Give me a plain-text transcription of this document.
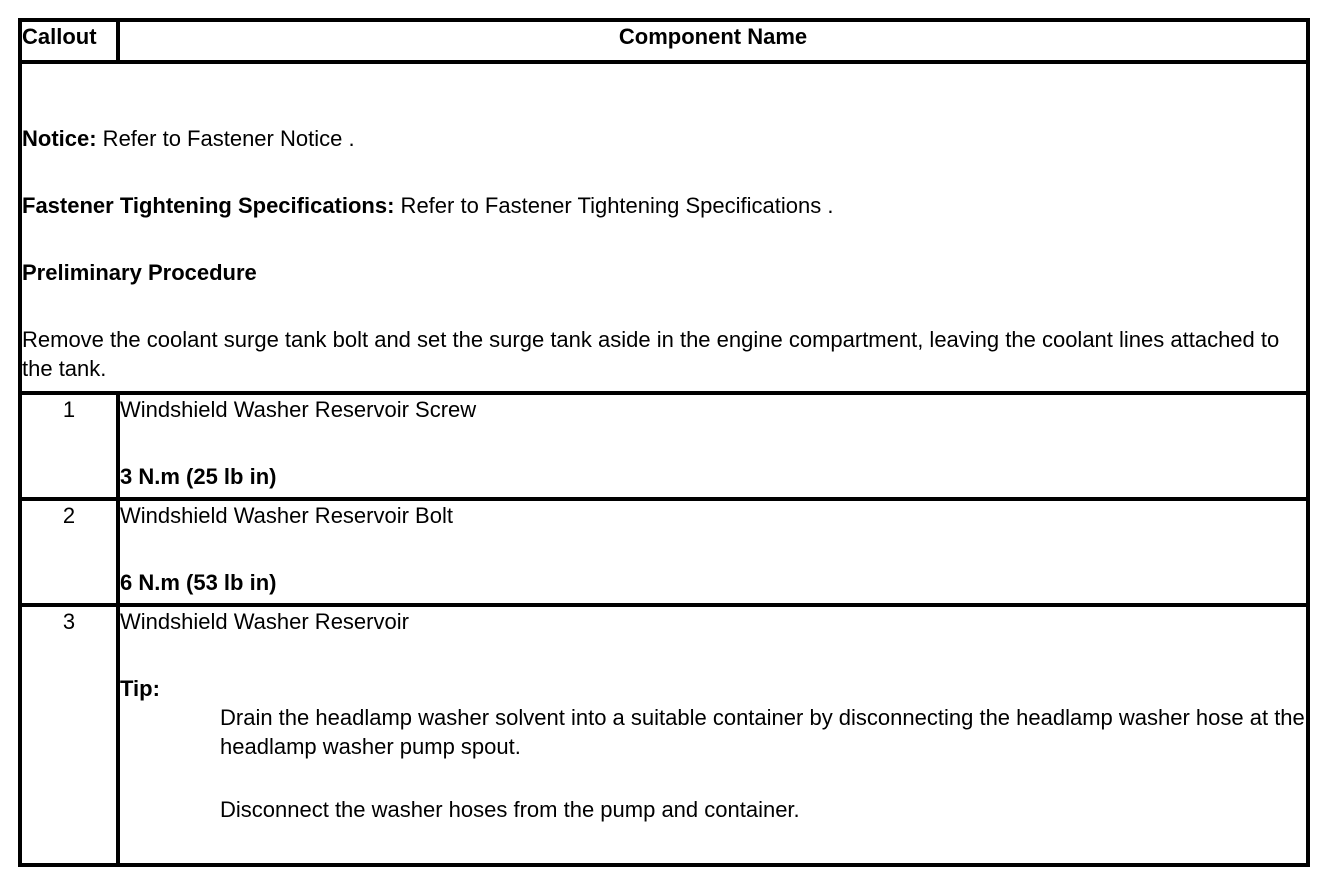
Callout	Component Name

Notice: Refer to Fastener Notice .

Fastener Tightening Specifications: Refer to Fastener Tightening Specifications .

Preliminary Procedure

Remove the coolant surge tank bolt and set the surge tank aside in the engine compartment, leaving the coolant lines attached to the tank.	

1	Windshield Washer Reservoir Screw
3 N.m (25 lb in)

2	Windshield Washer Reservoir Bolt
6 N.m (53 lb in)

3	Windshield Washer Reservoir
Tip:
Drain the headlamp washer solvent into a suitable container by disconnecting the headlamp washer hose at the headlamp washer pump spout.
Disconnect the washer hoses from the pump and container.
